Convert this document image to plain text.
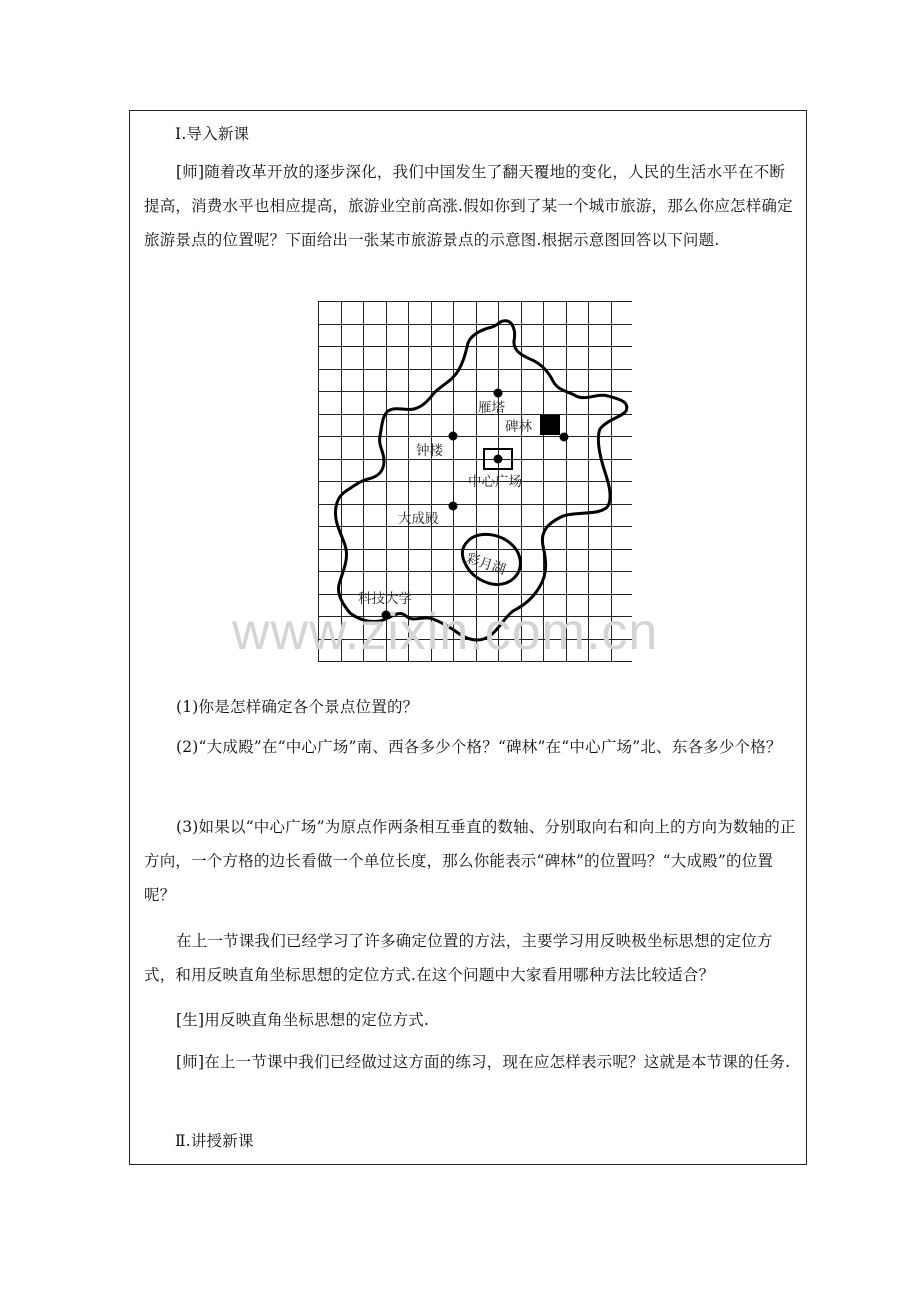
Ⅰ.导入新课

[师]随着改革开放的逐步深化，我们中国发生了翻天覆地的变化，人民的生活水平在不断提高，消费水平也相应提高，旅游业空前高涨.假如你到了某一个城市旅游，那么你应怎样确定旅游景点的位置呢？下面给出一张某市旅游景点的示意图.根据示意图回答以下问题.

雁塔
碑林
钟楼
中心广场
大成殿
彩月湖
科技大学
www.zixin.com.cn

(1)你是怎样确定各个景点位置的？

(2)“大成殿”在“中心广场”南、西各多少个格？“碑林”在“中心广场”北、东各多少个格？

(3)如果以“中心广场”为原点作两条相互垂直的数轴、分别取向右和向上的方向为数轴的正方向，一个方格的边长看做一个单位长度，那么你能表示“碑林”的位置吗？“大成殿”的位置呢？

在上一节课我们已经学习了许多确定位置的方法，主要学习用反映极坐标思想的定位方式，和用反映直角坐标思想的定位方式.在这个问题中大家看用哪种方法比较适合？

[生]用反映直角坐标思想的定位方式.

[师]在上一节课中我们已经做过这方面的练习，现在应怎样表示呢？这就是本节课的任务.

Ⅱ.讲授新课
